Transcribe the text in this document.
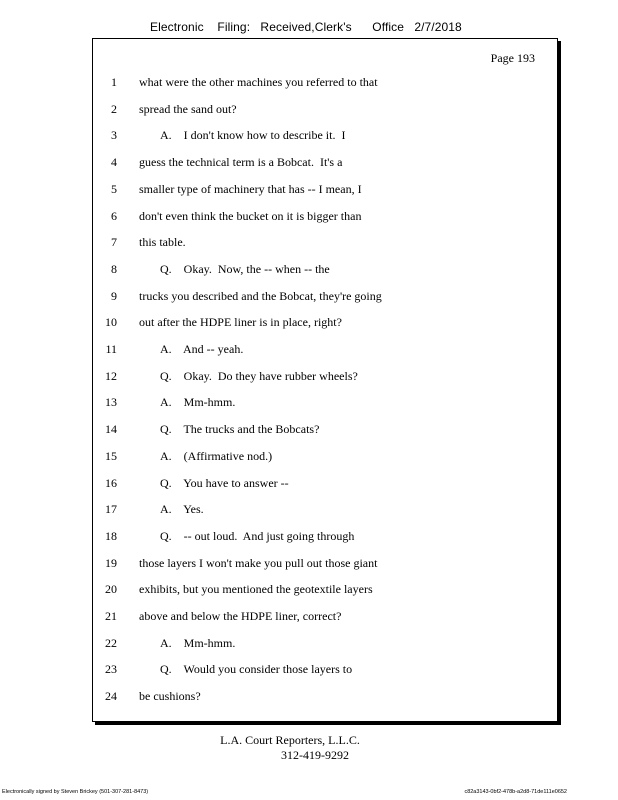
Electronic    Filing:   Received,Clerk's      Office   2/7/2018
Page 193
1 what were the other machines you referred to that
2 spread the sand out?
3	A.    I don't know how to describe it.  I
4 guess the technical term is a Bobcat.  It's a
5 smaller type of machinery that has -- I mean, I
6 don't even think the bucket on it is bigger than
7 this table.
8	Q.    Okay.  Now, the -- when -- the
9 trucks you described and the Bobcat, they're going
10 out after the HDPE liner is in place, right?
11	A.    And -- yeah.
12	Q.    Okay.  Do they have rubber wheels?
13	A.    Mm-hmm.
14	Q.    The trucks and the Bobcats?
15	A.    (Affirmative nod.)
16	Q.    You have to answer --
17	A.    Yes.
18	Q.    -- out loud.  And just going through
19 those layers I won't make you pull out those giant
20 exhibits, but you mentioned the geotextile layers
21 above and below the HDPE liner, correct?
22	A.    Mm-hmm.
23	Q.    Would you consider those layers to
24 be cushions?
L.A. Court Reporters, L.L.C.
312-419-9292
Electronically signed by Steven Brickey (501-307-281-8473)	c82a3143-0bf2-478b-a2d8-71de111e0652
